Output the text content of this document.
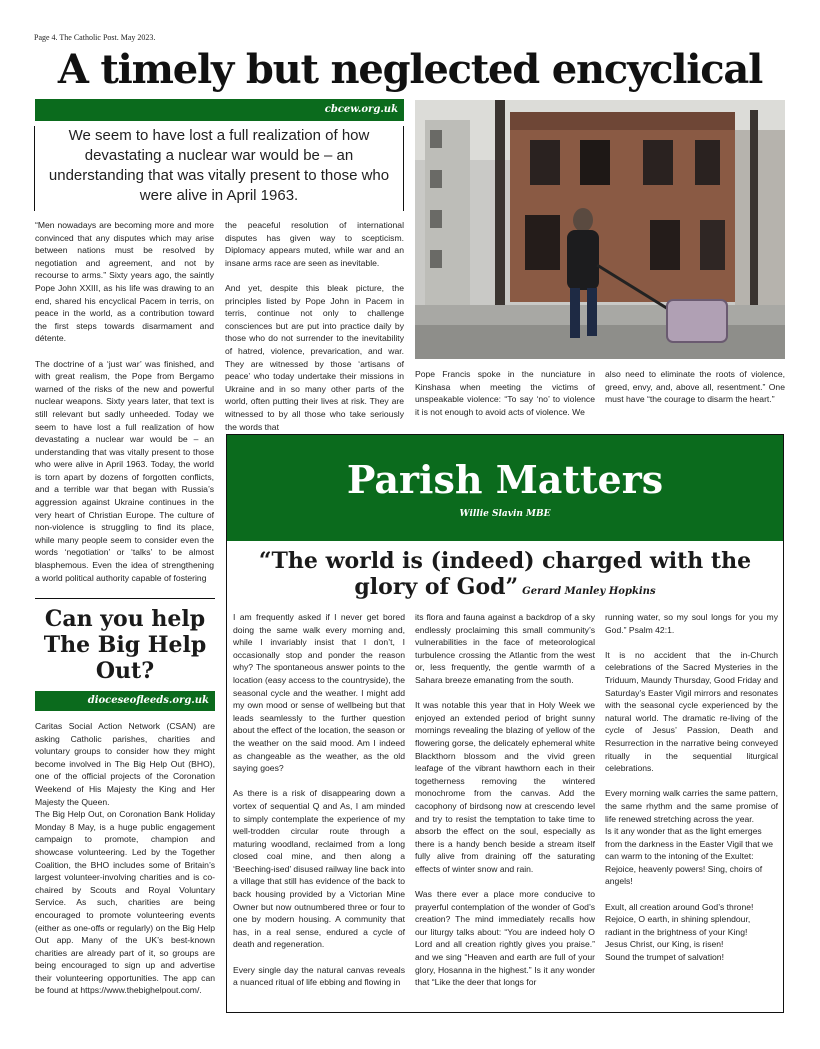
Page 4. The Catholic Post. May 2023.
A timely but neglected encyclical
cbcew.org.uk
We seem to have lost a full realization of how devastating a nuclear war would be – an understanding that was vitally present to those who were alive in April 1963.

“Men nowadays are becoming more and more convinced that any disputes which may arise between nations must be resolved by negotiation and agreement, and not by recourse to arms.” Sixty years ago, the saintly Pope John XXIII, as his life was drawing to an end, shared his encyclical Pacem in terris, on peace in the world, as a contribution toward the first steps towards disarmament and détente.

The doctrine of a ‘just war’ was finished, and with great realism, the Pope from Bergamo warned of the risks of the new and powerful nuclear weapons. Sixty years later, that text is still relevant but sadly unheeded. Today we seem to have lost a full realization of how devastating a nuclear war would be – an understanding that was vitally present to those who were alive in April 1963. Today, the world is torn apart by dozens of forgotten conflicts, and a terrible war that began with Russia’s aggression against Ukraine continues in the very heart of Christian Europe. The culture of non-violence is struggling to find its place, while many people seem to consider even the words ‘negotiation’ or ‘talks’ to be almost blasphemous. Even the idea of strengthening a world political authority capable of fostering

the peaceful resolution of international disputes has given way to scepticism. Diplomacy appears muted, while war and an insane arms race are seen as inevitable.

And yet, despite this bleak picture, the principles listed by Pope John in Pacem in terris, continue not only to challenge consciences but are put into practice daily by those who do not surrender to the inevitability of hatred, violence, prevarication, and war. They are witnessed by those ‘artisans of peace’ who today undertake their missions in Ukraine and in so many other parts of the world, often putting their lives at risk. They are witnessed to by all those who take seriously the words that

Pope Francis spoke in the nunciature in Kinshasa when meeting the victims of unspeakable violence: “To say ‘no’ to violence it is not enough to avoid acts of violence. We

also need to eliminate the roots of violence, greed, envy, and, above all, resentment.” One must have “the courage to disarm the heart.”

Can you help The Big Help Out?
dioceseofleeds.org.uk

Caritas Social Action Network (CSAN) are asking Catholic parishes, charities and voluntary groups to consider how they might become involved in The Big Help Out (BHO), one of the official projects of the Coronation Weekend of His Majesty the King and Her Majesty the Queen.

The Big Help Out, on Coronation Bank Holiday Monday 8 May, is a huge public engagement campaign to promote, champion and showcase volunteering. Led by the Together Coalition, the BHO includes some of Britain’s largest volunteer-involving charities and is co-chaired by Scouts and Royal Voluntary Service. As such, charities are being encouraged to promote volunteering events (either as one-offs or regularly) on the Big Help Out app. Many of the UK’s best-known charities are already part of it, so groups are being encouraged to sign up and advertise their volunteering opportunities. The app can be found at https://www.thebighelpout.com/.

Parish Matters
Willie Slavin MBE
“The world is (indeed) charged with the glory of God” Gerard Manley Hopkins

I am frequently asked if I never get bored doing the same walk every morning and, while I invariably insist that I don’t, I occasionally stop and ponder the reason why? The spontaneous answer points to the location (easy access to the countryside), the seasonal cycle and the weather. I might add my own mood or sense of wellbeing but that leads seamlessly to the further question about the effect of the location, the season or the weather on the said mood. Am I indeed as changeable as the weather, as the old saying goes?

As there is a risk of disappearing down a vortex of sequential Q and As, I am minded to simply contemplate the experience of my well-trodden circular route through a maturing woodland, reclaimed from a long closed coal mine, and then along a ‘Beeching-ised’ disused railway line back into a village that still has evidence of the back to back housing provided by a Victorian Mine Owner but now outnumbered three or four to one by modern housing. A community that has, in a real sense, endured a cycle of death and regeneration.

Every single day the natural canvas reveals a nuanced ritual of life ebbing and flowing in

its flora and fauna against a backdrop of a sky endlessly proclaiming this small community’s vulnerabilities in the face of meteorological turbulence crossing the Atlantic from the west or, less frequently, the gentle warmth of a Sahara breeze emanating from the south.

It was notable this year that in Holy Week we enjoyed an extended period of bright sunny mornings revealing the blazing of yellow of the flowering gorse, the delicately ephemeral white Blackthorn blossom and the vivid green leafage of the vibrant hawthorn each in their togetherness removing the wintered monochrome from the canvas. Add the cacophony of birdsong now at crescendo level and try to resist the temptation to take time to absorb the effect on the soul, especially as there is a handy bench beside a stream itself fully alive from draining off the saturating effects of winter snow and rain.

Was there ever a place more conducive to prayerful contemplation of the wonder of God’s creation? The mind immediately recalls how our liturgy talks about: “You are indeed holy O Lord and all creation rightly gives you praise.” and we sing “Heaven and earth are full of your glory, Hosanna in the highest.” Is it any wonder that “Like the deer that longs for

running water, so my soul longs for you my God.” Psalm 42:1.

It is no accident that the in-Church celebrations of the Sacred Mysteries in the Triduum, Maundy Thursday, Good Friday and Saturday’s Easter Vigil mirrors and resonates with the seasonal cycle experienced by the natural world. The dramatic re-living of the cycle of Jesus’ Passion, Death and Resurrection in the narrative being conveyed ritually in the sequential liturgical celebrations.

Every morning walk carries the same pattern, the same rhythm and the same promise of life renewed stretching across the year.

Is it any wonder that as the light emerges from the darkness in the Easter Vigil that we can warm to the intoning of the Exultet:

Rejoice, heavenly powers! Sing, choirs of angels!

Exult, all creation around God’s throne!
Rejoice, O earth, in shining splendour,
radiant in the brightness of your King!
Jesus Christ, our King, is risen!
Sound the trumpet of salvation!
